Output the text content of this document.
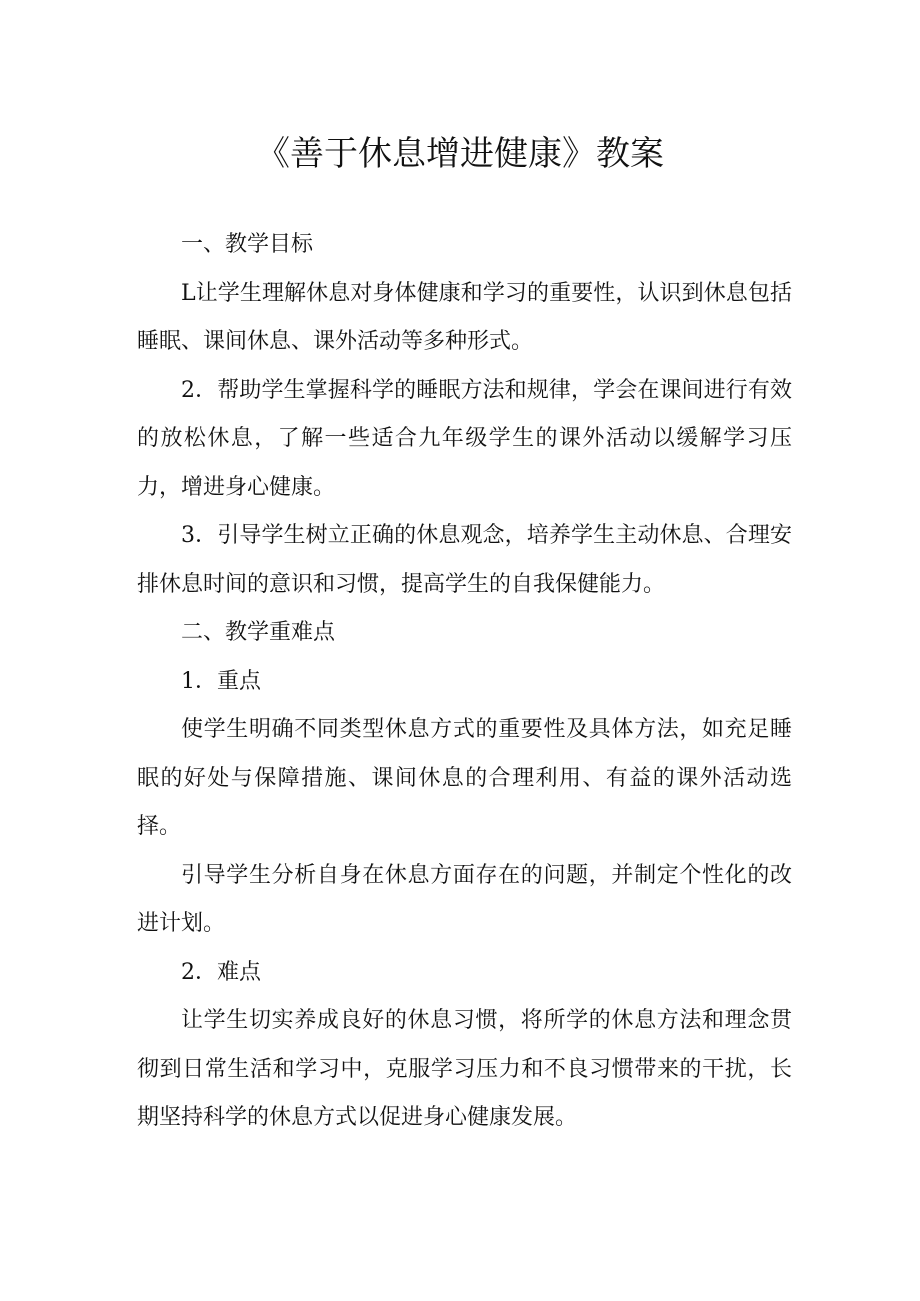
《善于休息增进健康》教案

一、教学目标

L让学生理解休息对身体健康和学习的重要性，认识到休息包括睡眠、课间休息、课外活动等多种形式。

2．帮助学生掌握科学的睡眠方法和规律，学会在课间进行有效的放松休息，了解一些适合九年级学生的课外活动以缓解学习压力，增进身心健康。

3．引导学生树立正确的休息观念，培养学生主动休息、合理安排休息时间的意识和习惯，提高学生的自我保健能力。

二、教学重难点

1．重点

使学生明确不同类型休息方式的重要性及具体方法，如充足睡眠的好处与保障措施、课间休息的合理利用、有益的课外活动选择。

引导学生分析自身在休息方面存在的问题，并制定个性化的改进计划。

2．难点

让学生切实养成良好的休息习惯，将所学的休息方法和理念贯彻到日常生活和学习中，克服学习压力和不良习惯带来的干扰，长期坚持科学的休息方式以促进身心健康发展。
